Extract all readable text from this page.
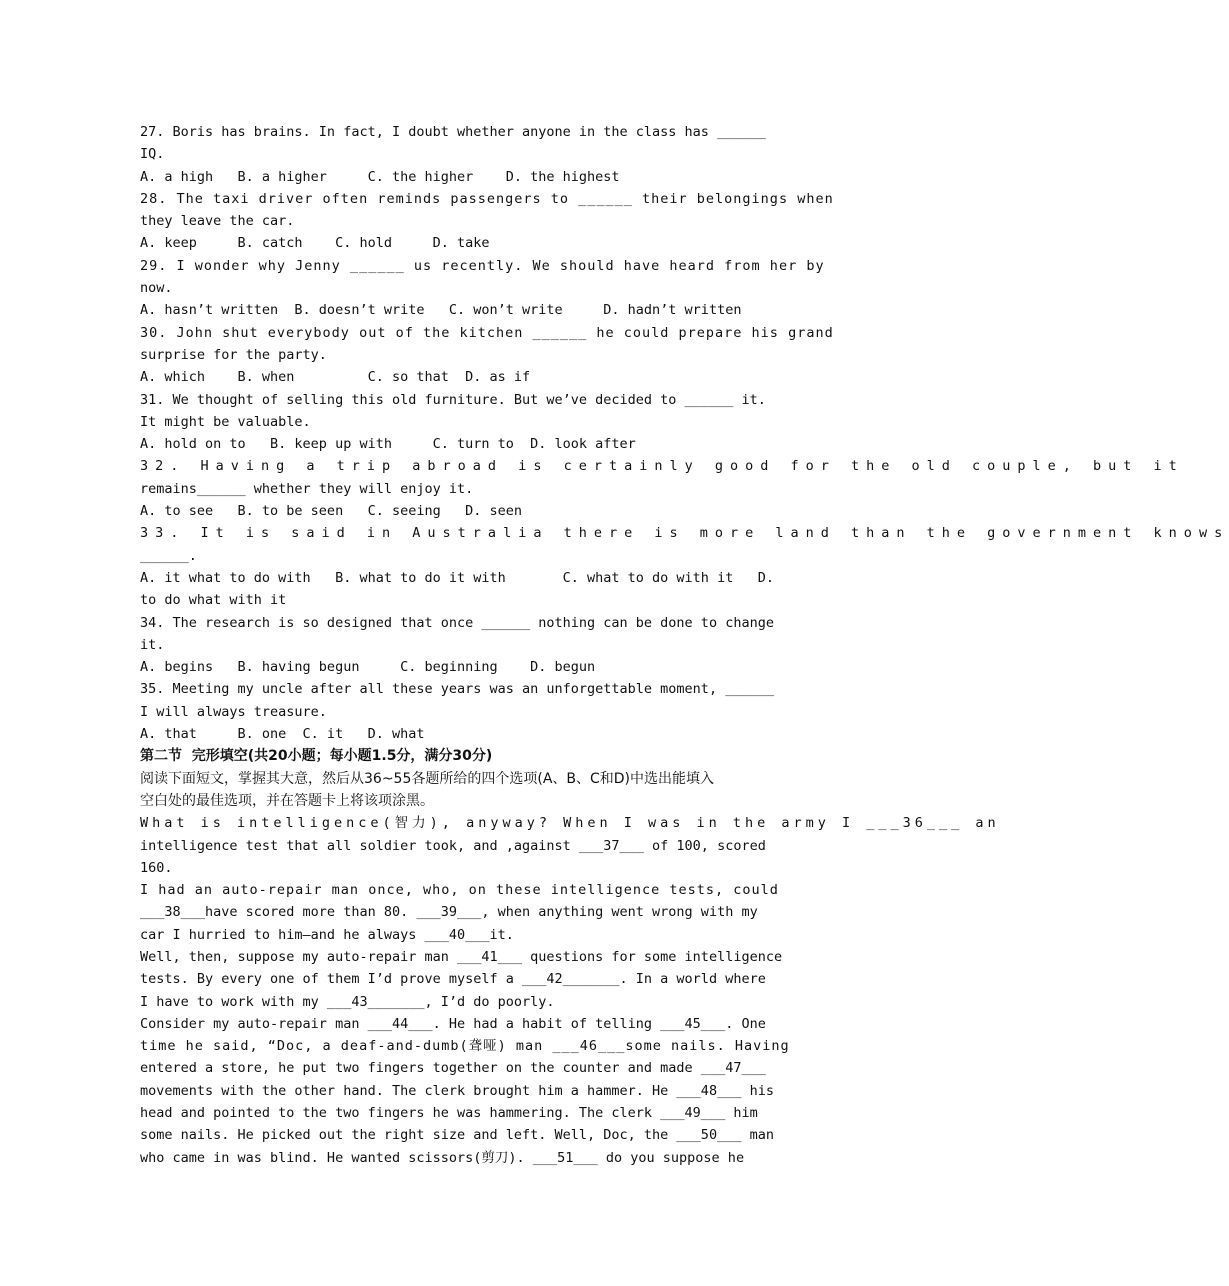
27. Boris has brains. In fact, I doubt whether anyone in the class has ______
IQ.
A. a high   B. a higher     C. the higher    D. the highest
28. The taxi driver often reminds passengers to ______ their belongings when
they leave the car.
A. keep     B. catch    C. hold     D. take
29. I wonder why Jenny ______ us recently. We should have heard from her by
now.
A. hasn’t written  B. doesn’t write   C. won’t write     D. hadn’t written
30. John shut everybody out of the kitchen ______ he could prepare his grand
surprise for the party.
A. which    B. when         C. so that  D. as if
31. We thought of selling this old furniture. But we’ve decided to ______ it.
It might be valuable.
A. hold on to   B. keep up with     C. turn to  D. look after
32. Having a trip abroad is certainly good for the old couple, but it
remains______ whether they will enjoy it.
A. to see   B. to be seen   C. seeing   D. seen
33. It is said in Australia there is more land than the government knows
______.
A. it what to do with   B. what to do it with       C. what to do with it   D.
to do what with it
34. The research is so designed that once ______ nothing can be done to change
it.
A. begins   B. having begun     C. beginning    D. begun
35. Meeting my uncle after all these years was an unforgettable moment, ______
I will always treasure.
A. that     B. one  C. it   D. what
第二节  完形填空(共20小题；每小题1.5分，满分30分)
阅读下面短文，掌握其大意，然后从36~55各题所给的四个选项(A、B、C和D)中选出能填入
空白处的最佳选项，并在答题卡上将该项涂黑。
What is intelligence(智力), anyway? When I was in the army I ___36___ an
intelligence test that all soldier took, and ,against ___37___ of 100, scored
160.
I had an auto-repair man once, who, on these intelligence tests, could
___38___have scored more than 80. ___39___, when anything went wrong with my
car I hurried to him—and he always ___40___it.
Well, then, suppose my auto-repair man ___41___ questions for some intelligence
tests. By every one of them I’d prove myself a ___42_______. In a world where
I have to work with my ___43_______, I’d do poorly.
Consider my auto-repair man ___44___. He had a habit of telling ___45___. One
time he said, “Doc, a deaf-and-dumb(聋哑) man ___46___some nails. Having
entered a store, he put two fingers together on the counter and made ___47___
movements with the other hand. The clerk brought him a hammer. He ___48___ his
head and pointed to the two fingers he was hammering. The clerk ___49___ him
some nails. He picked out the right size and left. Well, Doc, the ___50___ man
who came in was blind. He wanted scissors(剪刀). ___51___ do you suppose he
